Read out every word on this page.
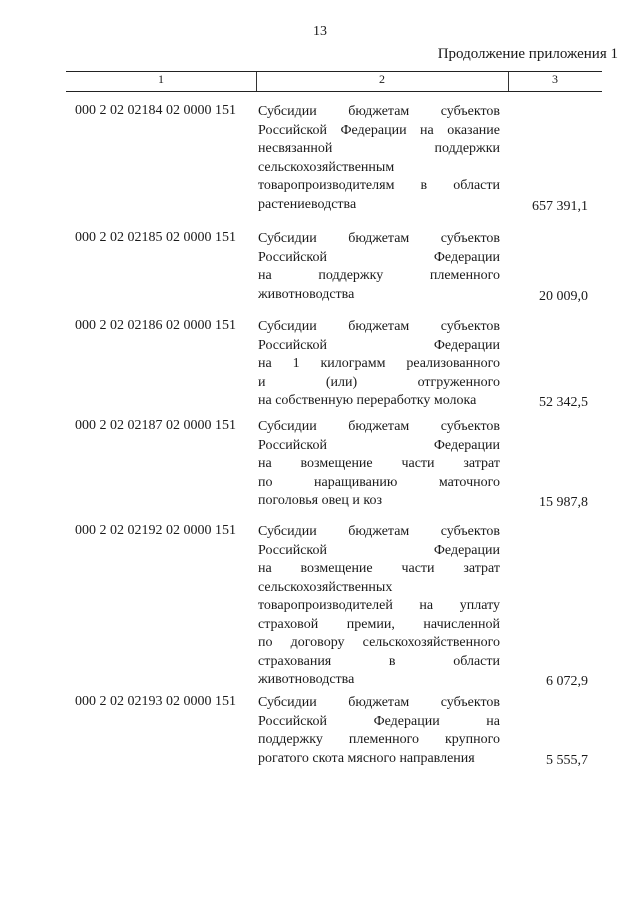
13
Продолжение приложения 1
1	2	3
000 2 02 02184 02 0000 151 Субсидии бюджетам субъектов
Российской Федерации на оказание
несвязанной поддержки
сельскохозяйственным
товаропроизводителям в области
растениеводства	657 391,1
000 2 02 02185 02 0000 151 Субсидии бюджетам субъектов
Российской Федерации
на поддержку племенного
животноводства	20 009,0
000 2 02 02186 02 0000 151 Субсидии бюджетам субъектов
Российской Федерации
на 1 килограмм реализованного
и (или) отгруженного
на собственную переработку молока	52 342,5
000 2 02 02187 02 0000 151 Субсидии бюджетам субъектов
Российской Федерации
на возмещение части затрат
по наращиванию маточного
поголовья овец и коз	15 987,8
000 2 02 02192 02 0000 151 Субсидии бюджетам субъектов
Российской Федерации
на возмещение части затрат
сельскохозяйственных
товаропроизводителей на уплату
страховой премии, начисленной
по договору сельскохозяйственного
страхования в области
животноводства	6 072,9
000 2 02 02193 02 0000 151 Субсидии бюджетам субъектов
Российской Федерации на
поддержку племенного крупного
рогатого скота мясного направления	5 555,7
